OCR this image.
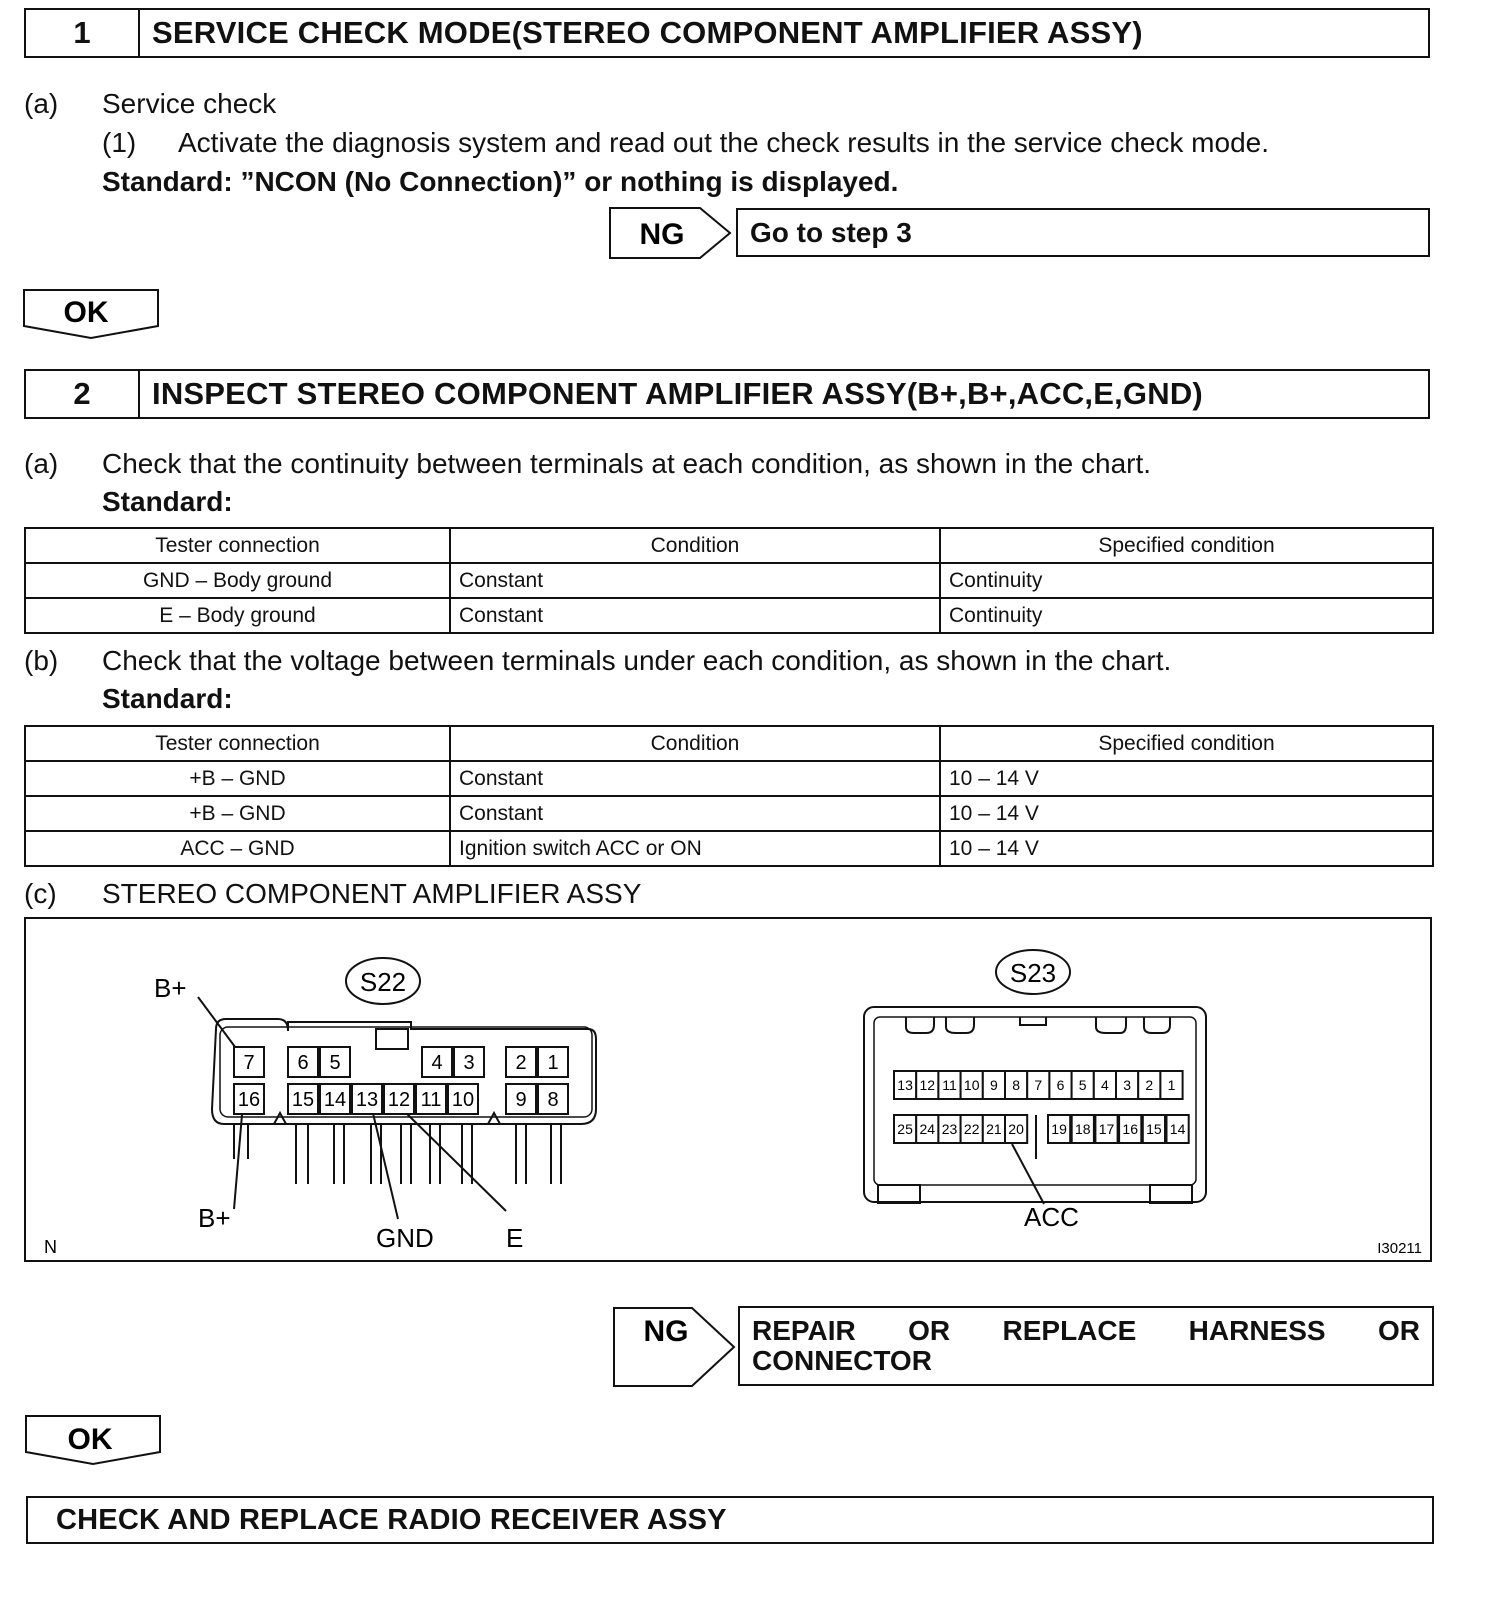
1	SERVICE CHECK MODE(STEREO COMPONENT AMPLIFIER ASSY)
(a) Service check
(1) Activate the diagnosis system and read out the check results in the service check mode.
Standard: ”NCON (No Connection)” or nothing is displayed.
NG	Go to step 3
OK
2	INSPECT STEREO COMPONENT AMPLIFIER ASSY(B+,B+,ACC,E,GND)
(a) Check that the continuity between terminals at each condition, as shown in the chart.
Standard:
Tester connection	Condition	Specified condition
GND – Body ground	Constant	Continuity
E – Body ground	Constant	Continuity
(b) Check that the voltage between terminals under each condition, as shown in the chart.
Standard:
Tester connection	Condition	Specified condition
+B – GND	Constant	10 – 14 V
+B – GND	Constant	10 – 14 V
ACC – GND	Ignition switch ACC or ON	10 – 14 V
(c) STEREO COMPONENT AMPLIFIER ASSY
7 6 5	4 3 2 1
16 15 14 13 12 11 10 9 8
13 12 11 10 9 8 7 6 5 4 3 2 1
25 24 23 22 21 20 19 18 17 16 15 14
S22	S23
B+
B+
GND	E
ACC
N	I30211
NG REPAIR OR REPLACE HARNESS OR CONNECTOR
OK
CHECK AND REPLACE RADIO RECEIVER ASSY
